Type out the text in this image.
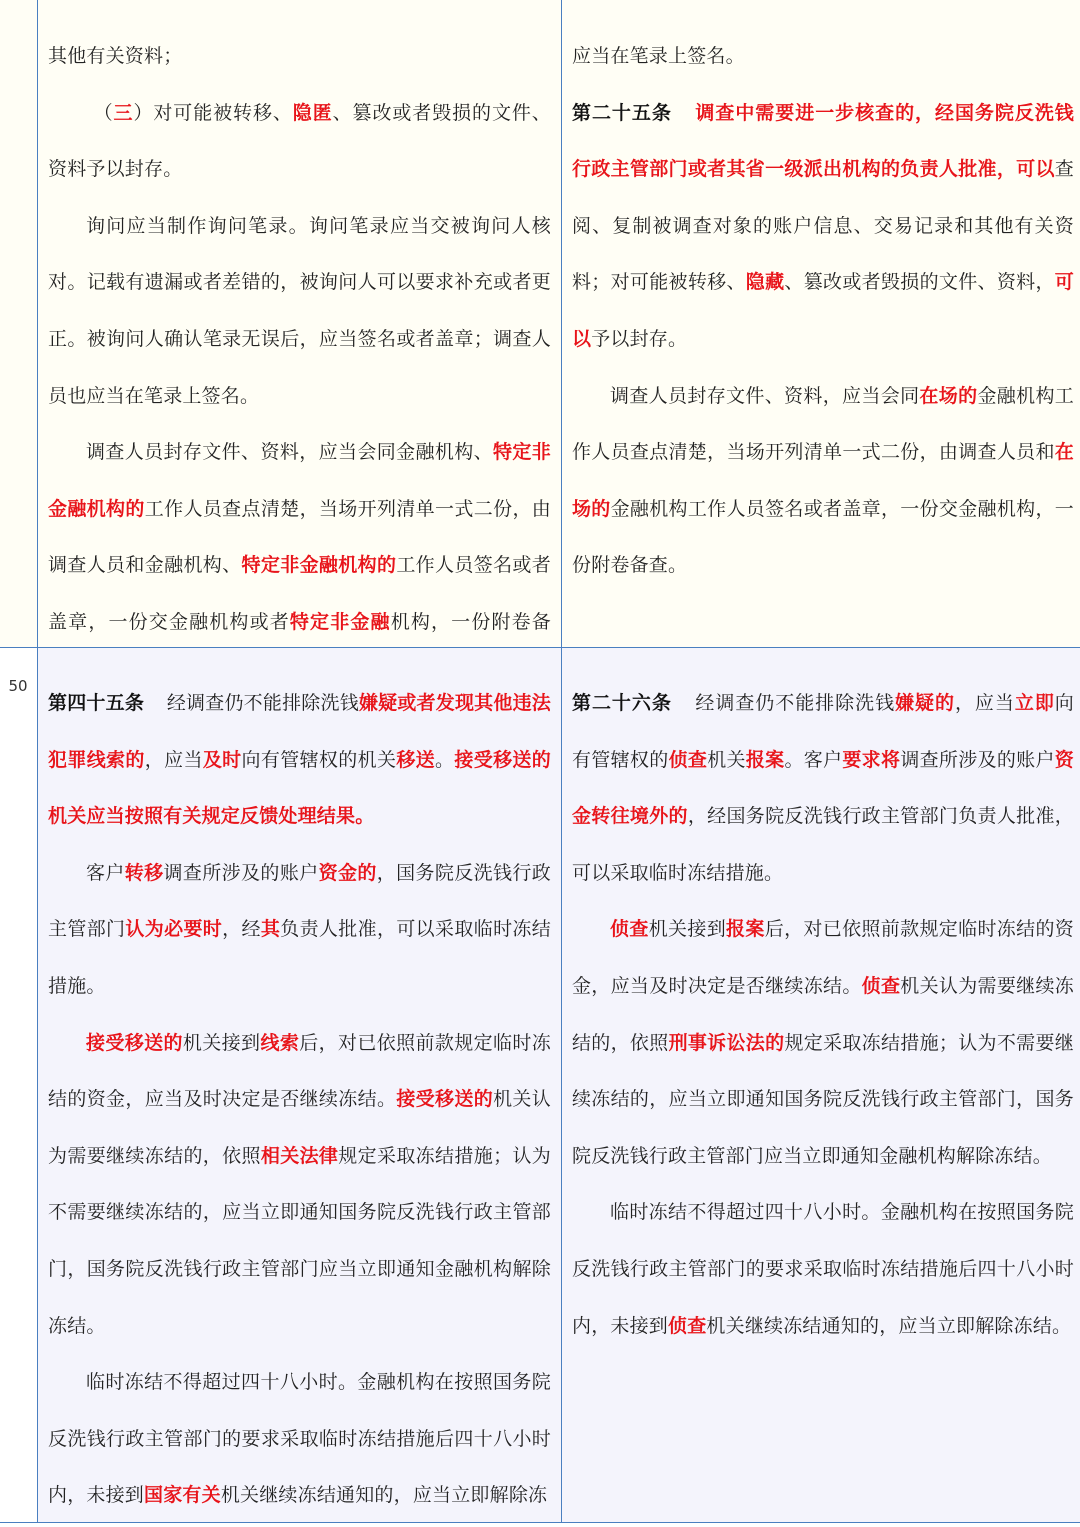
其他有关资料；

（三）对可能被转移、隐匿、篡改或者毁损的文件、资料予以封存。

询问应当制作询问笔录。询问笔录应当交被询问人核对。记载有遗漏或者差错的，被询问人可以要求补充或者更正。被询问人确认笔录无误后，应当签名或者盖章；调查人员也应当在笔录上签名。

调查人员封存文件、资料，应当会同金融机构、特定非金融机构的工作人员查点清楚，当场开列清单一式二份，由调查人员和金融机构、特定非金融机构的工作人员签名或者盖章，一份交金融机构或者特定非金融机构，一份附卷备

应当在笔录上签名。

第二十五条 调查中需要进一步核查的，经国务院反洗钱行政主管部门或者其省一级派出机构的负责人批准，可以查阅、复制被调查对象的账户信息、交易记录和其他有关资料；对可能被转移、隐藏、篡改或者毁损的文件、资料，可以予以封存。

调查人员封存文件、资料，应当会同在场的金融机构工作人员查点清楚，当场开列清单一式二份，由调查人员和在场的金融机构工作人员签名或者盖章，一份交金融机构，一份附卷备查。

50

第四十五条 经调查仍不能排除洗钱嫌疑或者发现其他违法犯罪线索的，应当及时向有管辖权的机关移送。接受移送的机关应当按照有关规定反馈处理结果。

客户转移调查所涉及的账户资金的，国务院反洗钱行政主管部门认为必要时，经其负责人批准，可以采取临时冻结措施。

接受移送的机关接到线索后，对已依照前款规定临时冻结的资金，应当及时决定是否继续冻结。接受移送的机关认为需要继续冻结的，依照相关法律规定采取冻结措施；认为不需要继续冻结的，应当立即通知国务院反洗钱行政主管部门，国务院反洗钱行政主管部门应当立即通知金融机构解除冻结。

临时冻结不得超过四十八小时。金融机构在按照国务院反洗钱行政主管部门的要求采取临时冻结措施后四十八小时内，未接到国家有关机关继续冻结通知的，应当立即解除冻

第二十六条 经调查仍不能排除洗钱嫌疑的，应当立即向有管辖权的侦查机关报案。客户要求将调查所涉及的账户资金转往境外的，经国务院反洗钱行政主管部门负责人批准，可以采取临时冻结措施。

侦查机关接到报案后，对已依照前款规定临时冻结的资金，应当及时决定是否继续冻结。侦查机关认为需要继续冻结的，依照刑事诉讼法的规定采取冻结措施；认为不需要继续冻结的，应当立即通知国务院反洗钱行政主管部门，国务院反洗钱行政主管部门应当立即通知金融机构解除冻结。

临时冻结不得超过四十八小时。金融机构在按照国务院反洗钱行政主管部门的要求采取临时冻结措施后四十八小时内，未接到侦查机关继续冻结通知的，应当立即解除冻结。
